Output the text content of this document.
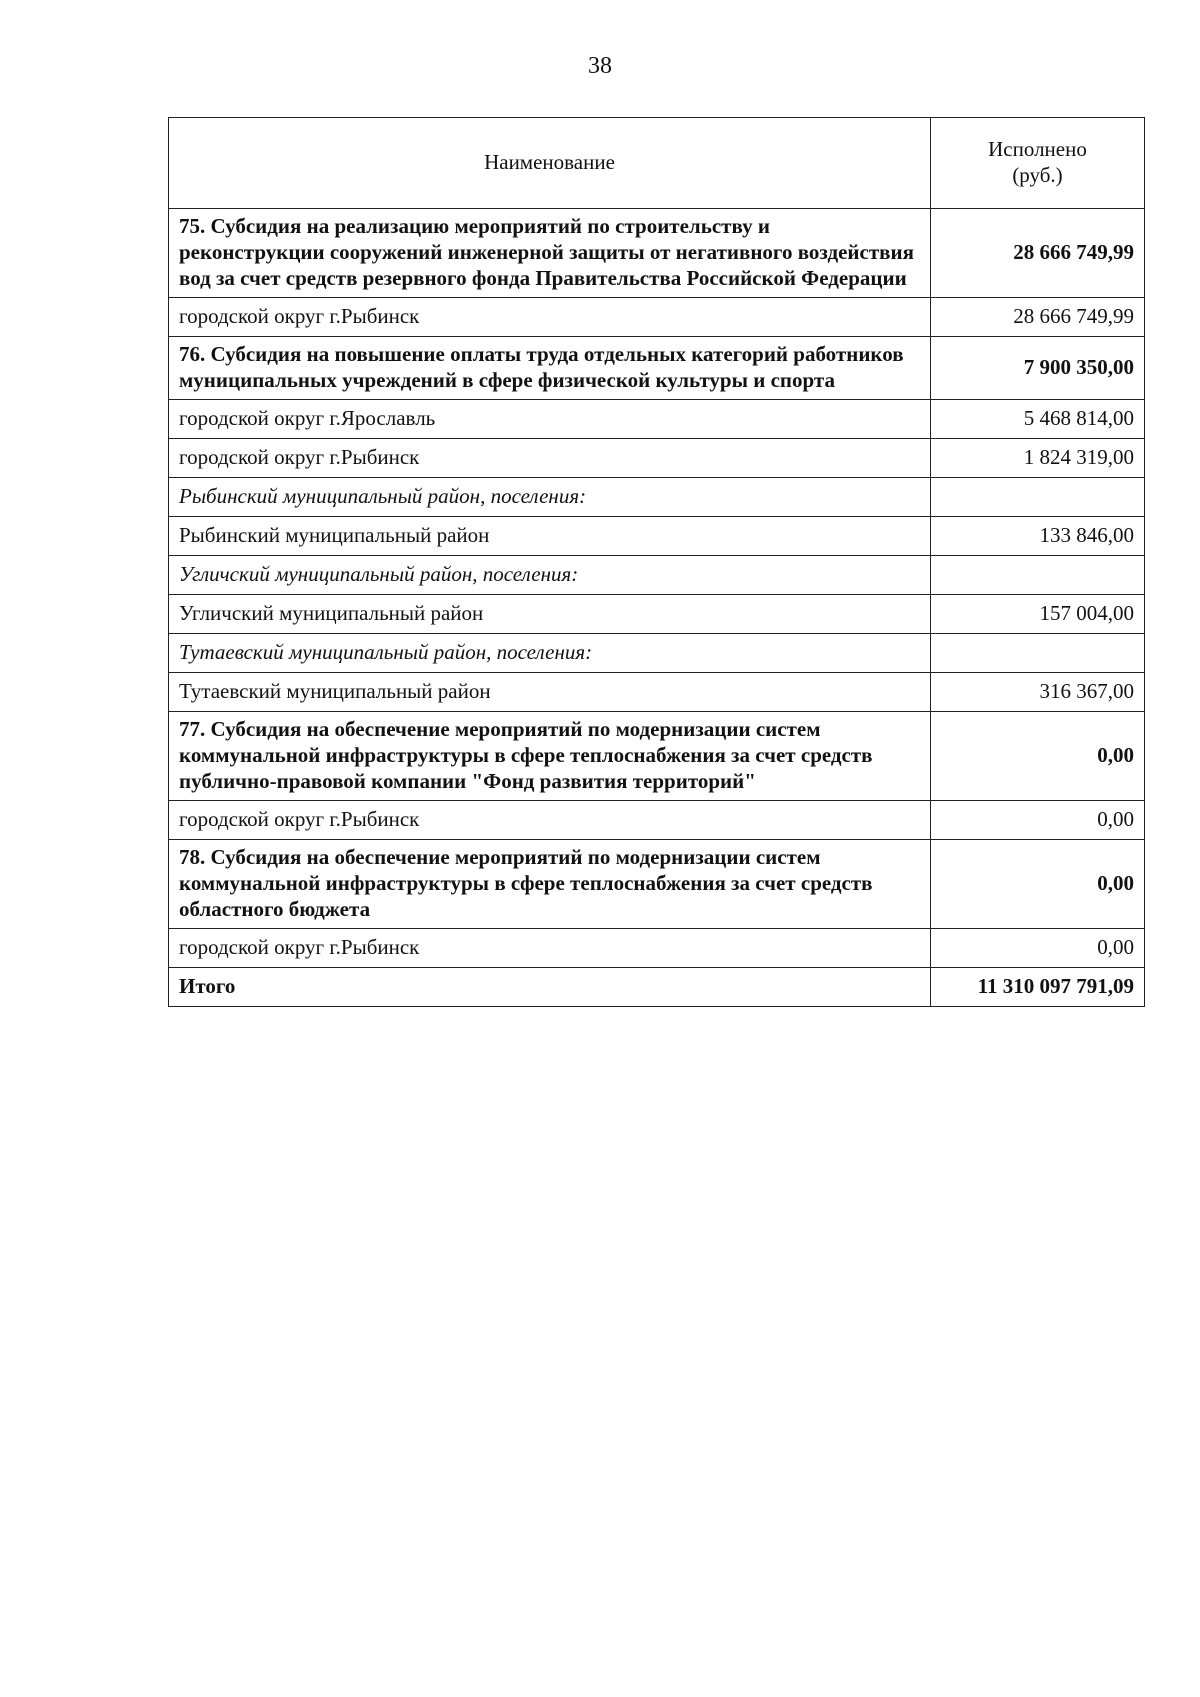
38
Наименование	Исполнено
(руб.)

75. Субсидия на реализацию мероприятий по строительству и реконструкции сооружений инженерной защиты от негативного воздействия вод за счет средств резервного фонда Правительства Российской Федерации	28 666 749,99
городской округ г.Рыбинск	28 666 749,99
76. Субсидия на повышение оплаты труда отдельных категорий работников муниципальных учреждений в сфере физической культуры и спорта	7 900 350,00
городской округ г.Ярославль	5 468 814,00
городской округ г.Рыбинск	1 824 319,00
Рыбинский муниципальный район, поселения:	
Рыбинский муниципальный район	133 846,00
Угличский муниципальный район, поселения:	
Угличский муниципальный район	157 004,00
Тутаевский муниципальный район, поселения:	
Тутаевский муниципальный район	316 367,00
77. Субсидия на обеспечение мероприятий по модернизации систем коммунальной инфраструктуры в сфере теплоснабжения за счет средств публично-правовой компании "Фонд развития территорий"	0,00
городской округ г.Рыбинск	0,00
78. Субсидия на обеспечение мероприятий по модернизации систем коммунальной инфраструктуры в сфере теплоснабжения за счет средств областного бюджета	0,00
городской округ г.Рыбинск	0,00
Итого	11 310 097 791,09
